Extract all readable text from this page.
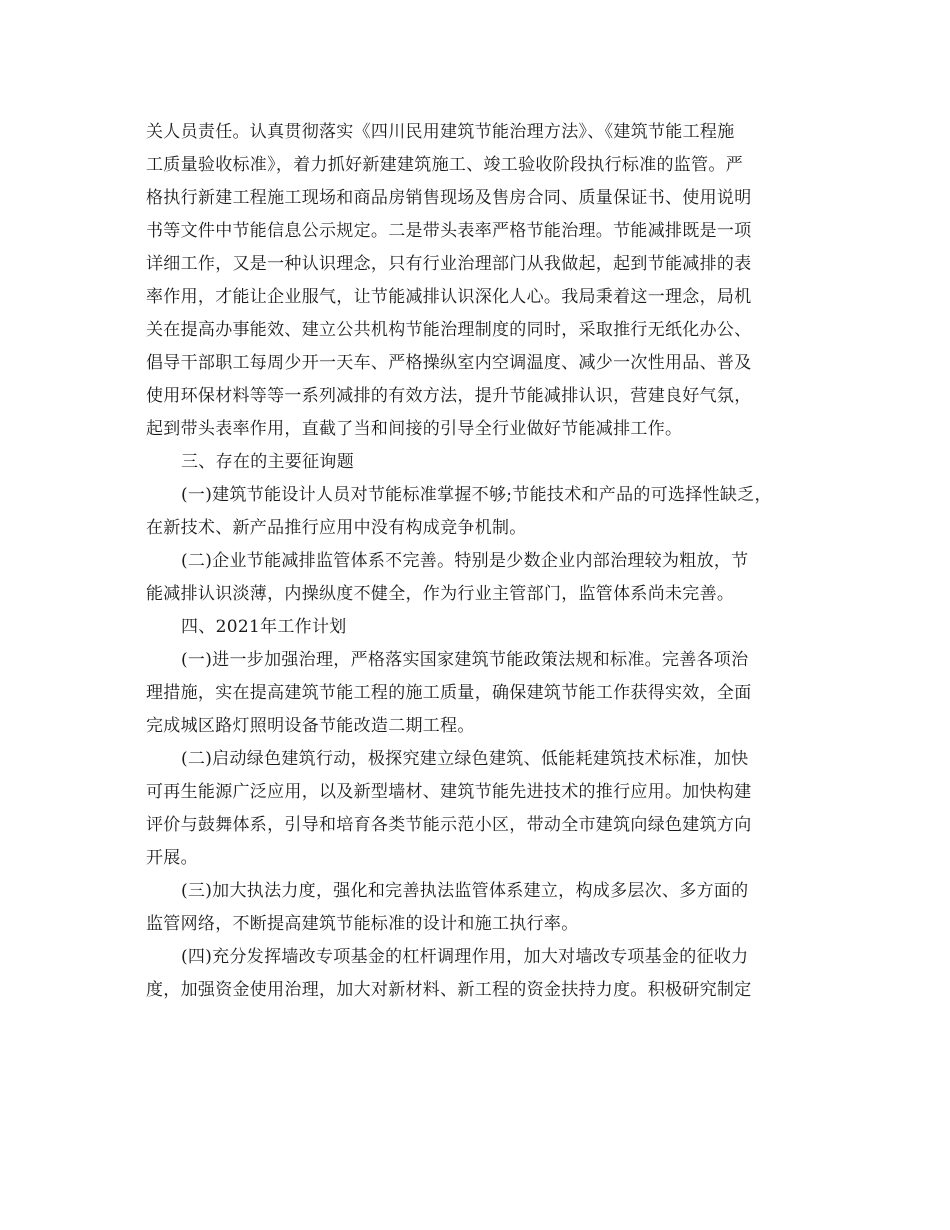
关人员责任。认真贯彻落实《四川民用建筑节能治理方法》、《建筑节能工程施
工质量验收标准》，着力抓好新建建筑施工、竣工验收阶段执行标准的监管。严
格执行新建工程施工现场和商品房销售现场及售房合同、质量保证书、使用说明
书等文件中节能信息公示规定。二是带头表率严格节能治理。节能减排既是一项
详细工作，又是一种认识理念，只有行业治理部门从我做起，起到节能减排的表
率作用，才能让企业服气，让节能减排认识深化人心。我局秉着这一理念，局机
关在提高办事能效、建立公共机构节能治理制度的同时，采取推行无纸化办公、
倡导干部职工每周少开一天车、严格操纵室内空调温度、减少一次性用品、普及
使用环保材料等等一系列减排的有效方法，提升节能减排认识，营建良好气氛，
起到带头表率作用，直截了当和间接的引导全行业做好节能减排工作。
三、存在的主要征询题
(一)建筑节能设计人员对节能标准掌握不够;节能技术和产品的可选择性缺乏，
在新技术、新产品推行应用中没有构成竞争机制。
(二)企业节能减排监管体系不完善。特别是少数企业内部治理较为粗放，节
能减排认识淡薄，内操纵度不健全，作为行业主管部门，监管体系尚未完善。
四、2021年工作计划
(一)进一步加强治理，严格落实国家建筑节能政策法规和标准。完善各项治
理措施，实在提高建筑节能工程的施工质量，确保建筑节能工作获得实效，全面
完成城区路灯照明设备节能改造二期工程。
(二)启动绿色建筑行动，极探究建立绿色建筑、低能耗建筑技术标准，加快
可再生能源广泛应用，以及新型墙材、建筑节能先进技术的推行应用。加快构建
评价与鼓舞体系，引导和培育各类节能示范小区，带动全市建筑向绿色建筑方向
开展。
(三)加大执法力度，强化和完善执法监管体系建立，构成多层次、多方面的
监管网络，不断提高建筑节能标准的设计和施工执行率。
(四)充分发挥墙改专项基金的杠杆调理作用，加大对墙改专项基金的征收力
度，加强资金使用治理，加大对新材料、新工程的资金扶持力度。积极研究制定
